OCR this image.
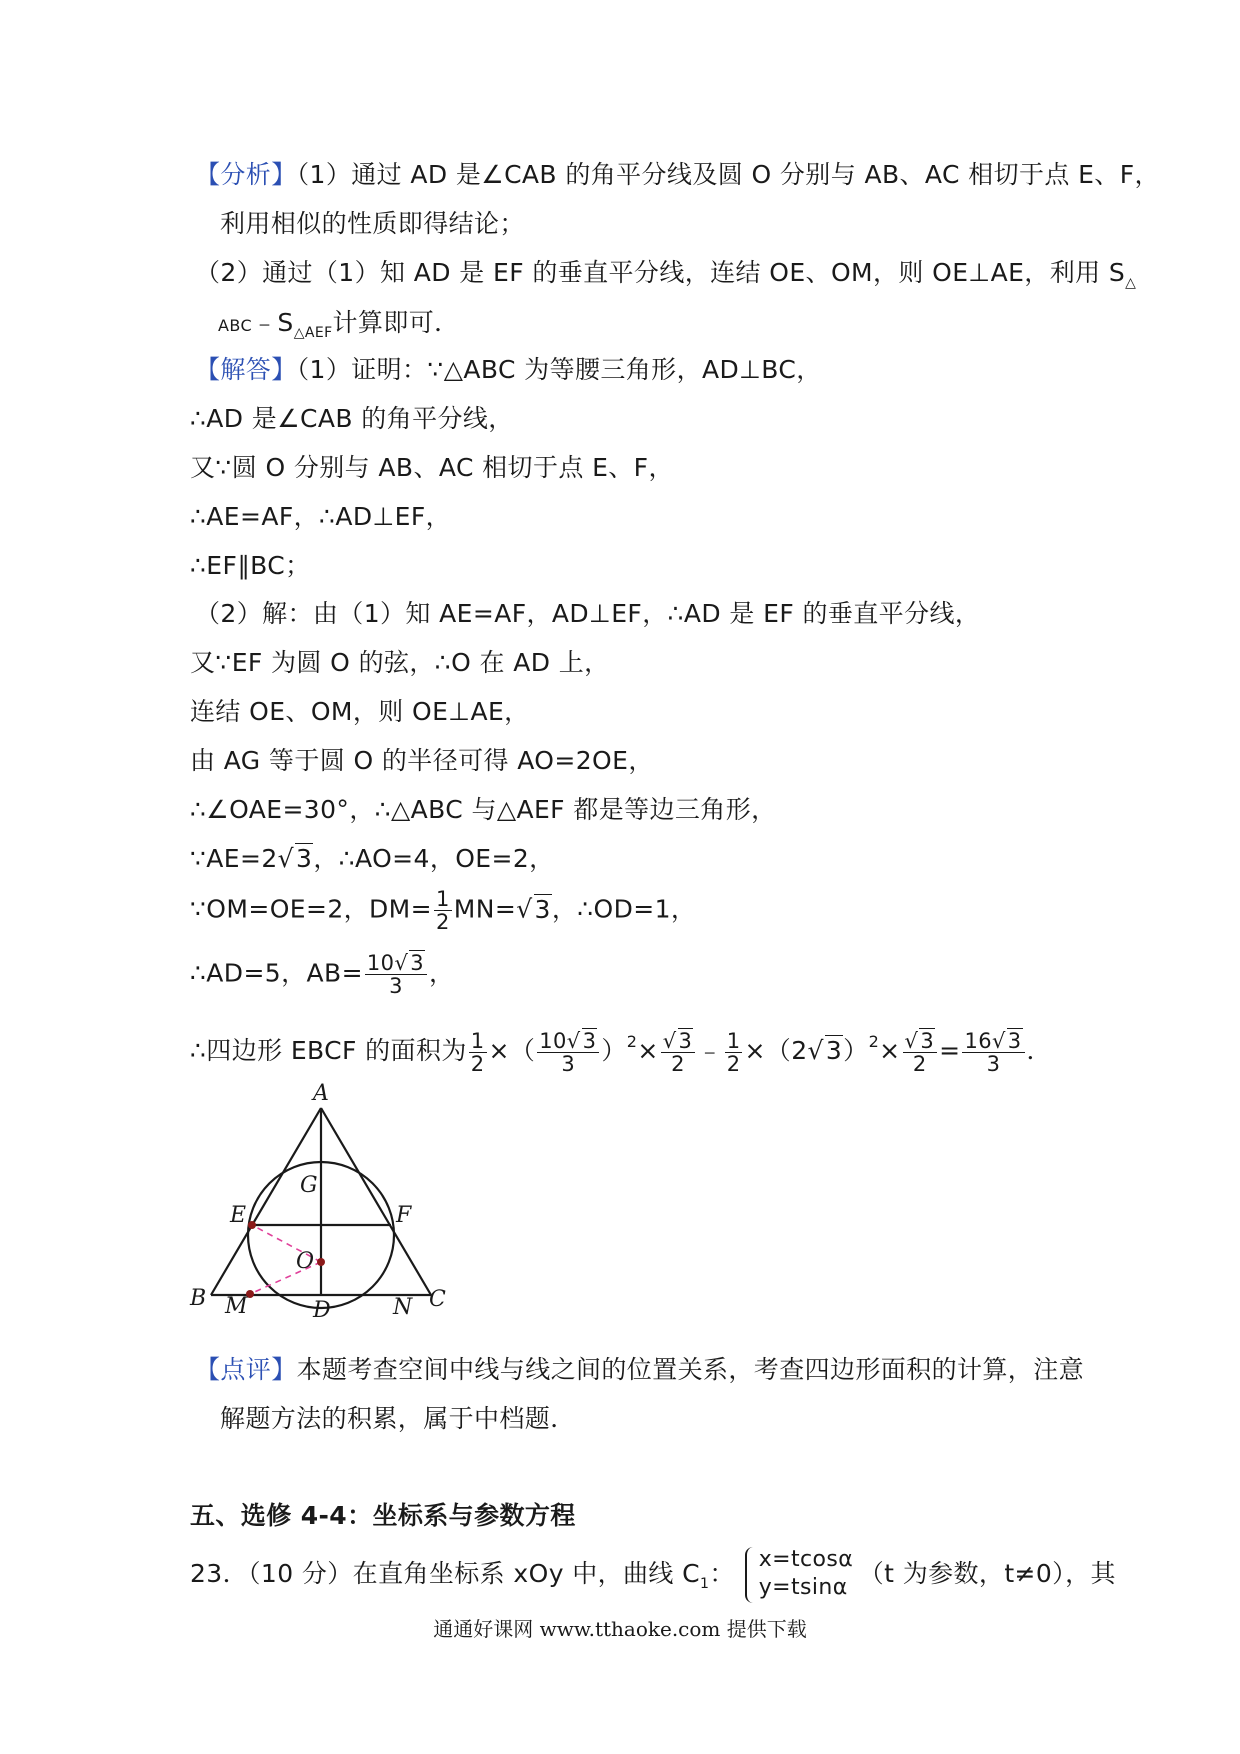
【分析】（1）通过 AD 是∠CAB 的角平分线及圆 O 分别与 AB、AC 相切于点 E、F，
利用相似的性质即得结论；
（2）通过（1）知 AD 是 EF 的垂直平分线，连结 OE、OM，则 OE⊥AE，利用 $S_\triangle$
$ABC﹣S_{\triangle AEF}$计算即可．
【解答】（1）证明：∵△ABC 为等腰三角形，AD⊥BC，
∴AD 是∠CAB 的角平分线，
又∵圆 O 分别与 AB、AC 相切于点 E、F，
∴AE=AF，∴AD⊥EF，
∴EF∥BC；
（2）解：由（1）知 AE=AF，AD⊥EF，∴AD 是 EF 的垂直平分线，
又∵EF 为圆 O 的弦，∴O 在 AD 上，
连结 OE、OM，则 OE⊥AE，
由 AG 等于圆 O 的半径可得 AO=2OE，
∴∠OAE=30°，∴△ABC 与△AEF 都是等边三角形，
∵AE=2√3，∴AO=4，OE=2，
∵OM=OE=2，$DM= \frac{1}{2} MN=√3$，∴OD=1，
∴AD=5，$AB= \frac{10√3}{3}$ ，
∴四边形 EBCF 的面积为 $\frac{1}{2}$ ×（ $\frac{10√3}{3} )^2\times \frac{√3}{2}$ ﹣ $\frac{1}{2} \times(2√3)^2\times \frac{√3}{2} = \frac{16√3}{3}$ ．
A
G
E	F
O
B M	D	N C
【点评】本题考查空间中线与线之间的位置关系，考查四边形面积的计算，注意
解题方法的积累，属于中档题．
五、选修 4-4：坐标系与参数方程
23．（10 分）在直角坐标系 xOy 中，曲线 $C_1$： x=tcosα
y=tsinα （t 为参数，t≠0），其
通通好课网 www.tthaoke.com 提供下载
